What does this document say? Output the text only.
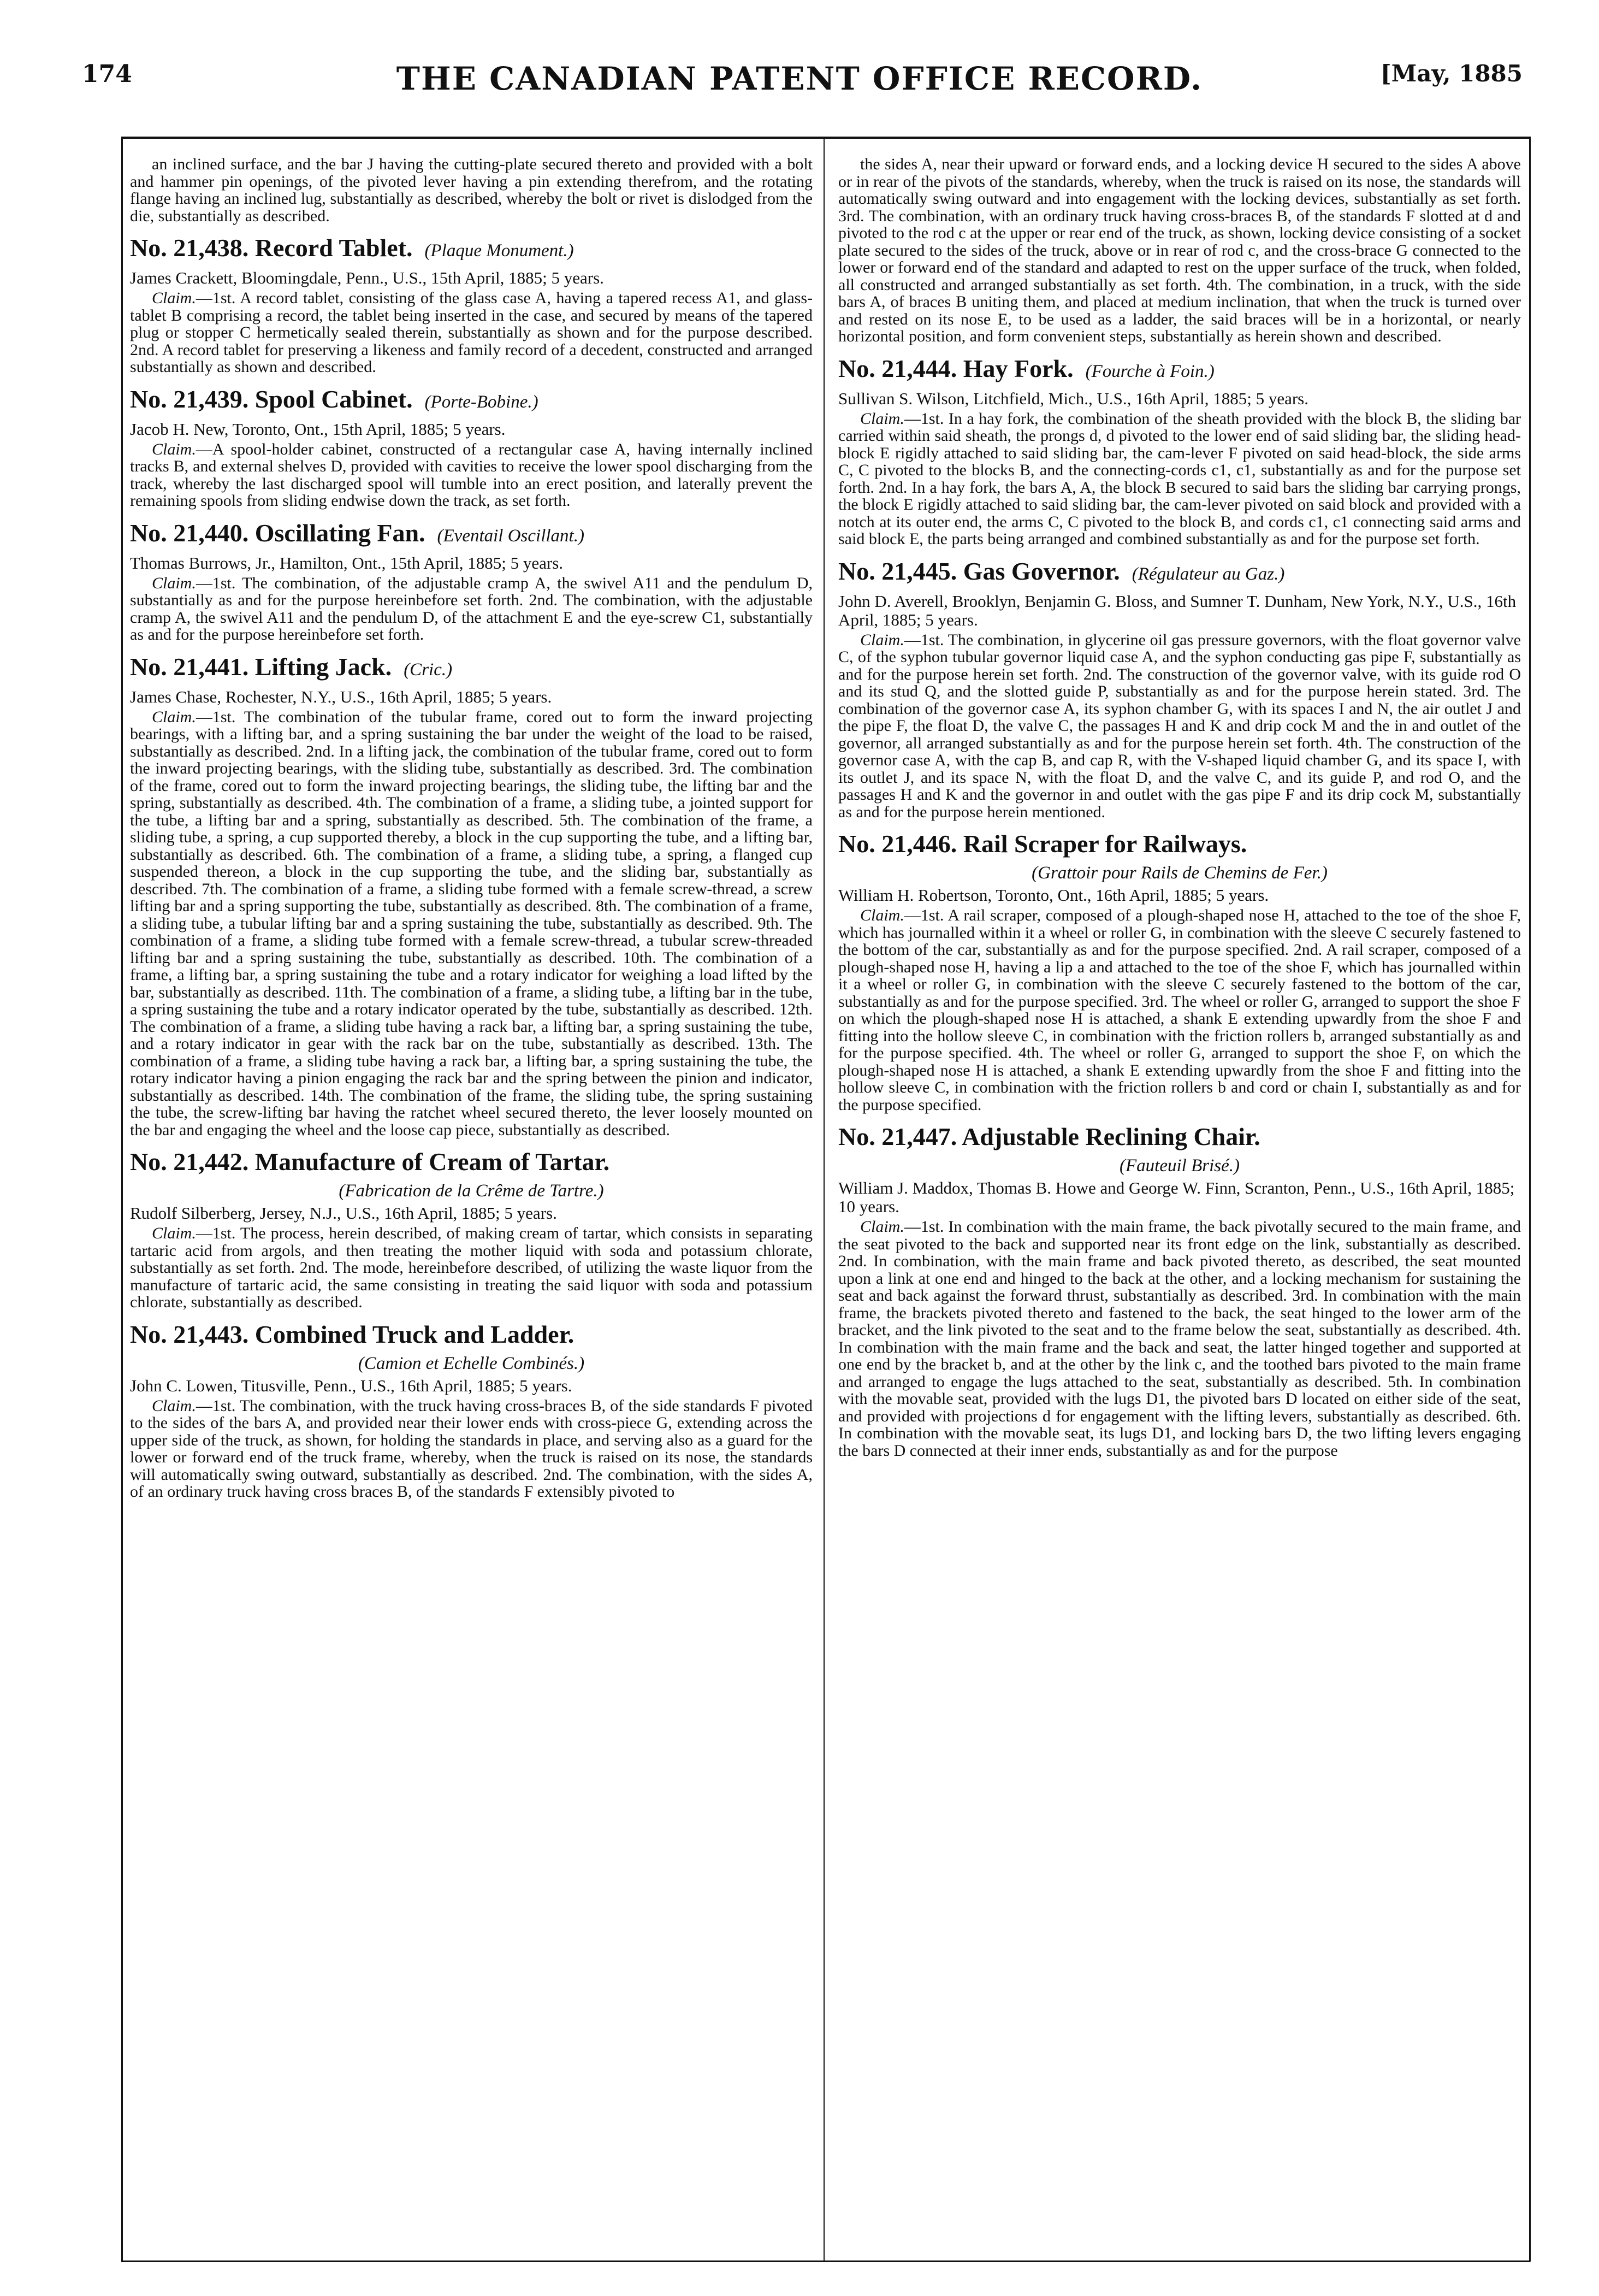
174	THE CANADIAN PATENT OFFICE RECORD.	[May, 1885

an inclined surface, and the bar J having the cutting-plate secured thereto and provided with a bolt and hammer pin openings, of the pivoted lever having a pin extending therefrom, and the rotating flange having an inclined lug, substantially as described, whereby the bolt or rivet is dislodged from the die, substantially as described.

No. 21,438. Record Tablet. (Plaque Monument.)
James Crackett, Bloomingdale, Penn., U.S., 15th April, 1885; 5 years.

Claim.—1st. A record tablet, consisting of the glass case A, having a tapered recess A1, and glass-tablet B comprising a record, the tablet being inserted in the case, and secured by means of the tapered plug or stopper C hermetically sealed therein, substantially as shown and for the purpose described. 2nd. A record tablet for preserving a likeness and family record of a decedent, constructed and arranged substantially as shown and described.

No. 21,439. Spool Cabinet. (Porte-Bobine.)
Jacob H. New, Toronto, Ont., 15th April, 1885; 5 years.

Claim.—A spool-holder cabinet, constructed of a rectangular case A, having internally inclined tracks B, and external shelves D, provided with cavities to receive the lower spool discharging from the track, whereby the last discharged spool will tumble into an erect position, and laterally prevent the remaining spools from sliding endwise down the track, as set forth.

No. 21,440. Oscillating Fan. (Eventail Oscillant.)
Thomas Burrows, Jr., Hamilton, Ont., 15th April, 1885; 5 years.

Claim.—1st. The combination, of the adjustable cramp A, the swivel A11 and the pendulum D, substantially as and for the purpose hereinbefore set forth. 2nd. The combination, with the adjustable cramp A, the swivel A11 and the pendulum D, of the attachment E and the eye-screw C1, substantially as and for the purpose hereinbefore set forth.

No. 21,441. Lifting Jack. (Cric.)
James Chase, Rochester, N.Y., U.S., 16th April, 1885; 5 years.

Claim.—1st. The combination of the tubular frame, cored out to form the inward projecting bearings, with a lifting bar, and a spring sustaining the bar under the weight of the load to be raised, substantially as described. 2nd. In a lifting jack, the combination of the tubular frame, cored out to form the inward projecting bearings, with the sliding tube, substantially as described. 3rd. The combination of the frame, cored out to form the inward projecting bearings, the sliding tube, the lifting bar and the spring, substantially as described. 4th. The combination of a frame, a sliding tube, a jointed support for the tube, a lifting bar and a spring, substantially as described. 5th. The combination of the frame, a sliding tube, a spring, a cup supported thereby, a block in the cup supporting the tube, and a lifting bar, substantially as described. 6th. The combination of a frame, a sliding tube, a spring, a flanged cup suspended thereon, a block in the cup supporting the tube, and the sliding bar, substantially as described. 7th. The combination of a frame, a sliding tube formed with a female screw-thread, a screw lifting bar and a spring supporting the tube, substantially as described. 8th. The combination of a frame, a sliding tube, a tubular lifting bar and a spring sustaining the tube, substantially as described. 9th. The combination of a frame, a sliding tube formed with a female screw-thread, a tubular screw-threaded lifting bar and a spring sustaining the tube, substantially as described. 10th. The combination of a frame, a lifting bar, a spring sustaining the tube and a rotary indicator for weighing a load lifted by the bar, substantially as described. 11th. The combination of a frame, a sliding tube, a lifting bar in the tube, a spring sustaining the tube and a rotary indicator operated by the tube, substantially as described. 12th. The combination of a frame, a sliding tube having a rack bar, a lifting bar, a spring sustaining the tube, and a rotary indicator in gear with the rack bar on the tube, substantially as described. 13th. The combination of a frame, a sliding tube having a rack bar, a lifting bar, a spring sustaining the tube, the rotary indicator having a pinion engaging the rack bar and the spring between the pinion and indicator, substantially as described. 14th. The combination of the frame, the sliding tube, the spring sustaining the tube, the screw-lifting bar having the ratchet wheel secured thereto, the lever loosely mounted on the bar and engaging the wheel and the loose cap piece, substantially as described.

No. 21,442. Manufacture of Cream of Tartar.
(Fabrication de la Crême de Tartre.)
Rudolf Silberberg, Jersey, N.J., U.S., 16th April, 1885; 5 years.

Claim.—1st. The process, herein described, of making cream of tartar, which consists in separating tartaric acid from argols, and then treating the mother liquid with soda and potassium chlorate, substantially as set forth. 2nd. The mode, hereinbefore described, of utilizing the waste liquor from the manufacture of tartaric acid, the same consisting in treating the said liquor with soda and potassium chlorate, substantially as described.

No. 21,443. Combined Truck and Ladder.
(Camion et Echelle Combinés.)
John C. Lowen, Titusville, Penn., U.S., 16th April, 1885; 5 years.

Claim.—1st. The combination, with the truck having cross-braces B, of the side standards F pivoted to the sides of the bars A, and provided near their lower ends with cross-piece G, extending across the upper side of the truck, as shown, for holding the standards in place, and serving also as a guard for the lower or forward end of the truck frame, whereby, when the truck is raised on its nose, the standards will automatically swing outward, substantially as described. 2nd. The combination, with the sides A, of an ordinary truck having cross braces B, of the standards F extensibly pivoted to

the sides A, near their upward or forward ends, and a locking device H secured to the sides A above or in rear of the pivots of the standards, whereby, when the truck is raised on its nose, the standards will automatically swing outward and into engagement with the locking devices, substantially as set forth. 3rd. The combination, with an ordinary truck having cross-braces B, of the standards F slotted at d and pivoted to the rod c at the upper or rear end of the truck, as shown, locking device consisting of a socket plate secured to the sides of the truck, above or in rear of rod c, and the cross-brace G connected to the lower or forward end of the standard and adapted to rest on the upper surface of the truck, when folded, all constructed and arranged substantially as set forth. 4th. The combination, in a truck, with the side bars A, of braces B uniting them, and placed at medium inclination, that when the truck is turned over and rested on its nose E, to be used as a ladder, the said braces will be in a horizontal, or nearly horizontal position, and form convenient steps, substantially as herein shown and described.

No. 21,444. Hay Fork. (Fourche à Foin.)
Sullivan S. Wilson, Litchfield, Mich., U.S., 16th April, 1885; 5 years.

Claim.—1st. In a hay fork, the combination of the sheath provided with the block B, the sliding bar carried within said sheath, the prongs d, d pivoted to the lower end of said sliding bar, the sliding head-block E rigidly attached to said sliding bar, the cam-lever F pivoted on said head-block, the side arms C, C pivoted to the blocks B, and the connecting-cords c1, c1, substantially as and for the purpose set forth. 2nd. In a hay fork, the bars A, A, the block B secured to said bars the sliding bar carrying prongs, the block E rigidly attached to said sliding bar, the cam-lever pivoted on said block and provided with a notch at its outer end, the arms C, C pivoted to the block B, and cords c1, c1 connecting said arms and said block E, the parts being arranged and combined substantially as and for the purpose set forth.

No. 21,445. Gas Governor. (Régulateur au Gaz.)
John D. Averell, Brooklyn, Benjamin G. Bloss, and Sumner T. Dunham, New York, N.Y., U.S., 16th April, 1885; 5 years.

Claim.—1st. The combination, in glycerine oil gas pressure governors, with the float governor valve C, of the syphon tubular governor liquid case A, and the syphon conducting gas pipe F, substantially as and for the purpose herein set forth. 2nd. The construction of the governor valve, with its guide rod O and its stud Q, and the slotted guide P, substantially as and for the purpose herein stated. 3rd. The combination of the governor case A, its syphon chamber G, with its spaces I and N, the air outlet J and the pipe F, the float D, the valve C, the passages H and K and drip cock M and the in and outlet of the governor, all arranged substantially as and for the purpose herein set forth. 4th. The construction of the governor case A, with the cap B, and cap R, with the V-shaped liquid chamber G, and its space I, with its outlet J, and its space N, with the float D, and the valve C, and its guide P, and rod O, and the passages H and K and the governor in and outlet with the gas pipe F and its drip cock M, substantially as and for the purpose herein mentioned.

No. 21,446. Rail Scraper for Railways.
(Grattoir pour Rails de Chemins de Fer.)
William H. Robertson, Toronto, Ont., 16th April, 1885; 5 years.

Claim.—1st. A rail scraper, composed of a plough-shaped nose H, attached to the toe of the shoe F, which has journalled within it a wheel or roller G, in combination with the sleeve C securely fastened to the bottom of the car, substantially as and for the purpose specified. 2nd. A rail scraper, composed of a plough-shaped nose H, having a lip a and attached to the toe of the shoe F, which has journalled within it a wheel or roller G, in combination with the sleeve C securely fastened to the bottom of the car, substantially as and for the purpose specified. 3rd. The wheel or roller G, arranged to support the shoe F on which the plough-shaped nose H is attached, a shank E extending upwardly from the shoe F and fitting into the hollow sleeve C, in combination with the friction rollers b, arranged substantially as and for the purpose specified. 4th. The wheel or roller G, arranged to support the shoe F, on which the plough-shaped nose H is attached, a shank E extending upwardly from the shoe F and fitting into the hollow sleeve C, in combination with the friction rollers b and cord or chain I, substantially as and for the purpose specified.

No. 21,447. Adjustable Reclining Chair.
(Fauteuil Brisé.)
William J. Maddox, Thomas B. Howe and George W. Finn, Scranton, Penn., U.S., 16th April, 1885; 10 years.

Claim.—1st. In combination with the main frame, the back pivotally secured to the main frame, and the seat pivoted to the back and supported near its front edge on the link, substantially as described. 2nd. In combination, with the main frame and back pivoted thereto, as described, the seat mounted upon a link at one end and hinged to the back at the other, and a locking mechanism for sustaining the seat and back against the forward thrust, substantially as described. 3rd. In combination with the main frame, the brackets pivoted thereto and fastened to the back, the seat hinged to the lower arm of the bracket, and the link pivoted to the seat and to the frame below the seat, substantially as described. 4th. In combination with the main frame and the back and seat, the latter hinged together and supported at one end by the bracket b, and at the other by the link c, and the toothed bars pivoted to the main frame and arranged to engage the lugs attached to the seat, substantially as described. 5th. In combination with the movable seat, provided with the lugs D1, the pivoted bars D located on either side of the seat, and provided with projections d for engagement with the lifting levers, substantially as described. 6th. In combination with the movable seat, its lugs D1, and locking bars D, the two lifting levers engaging the bars D connected at their inner ends, substantially as and for the purpose
